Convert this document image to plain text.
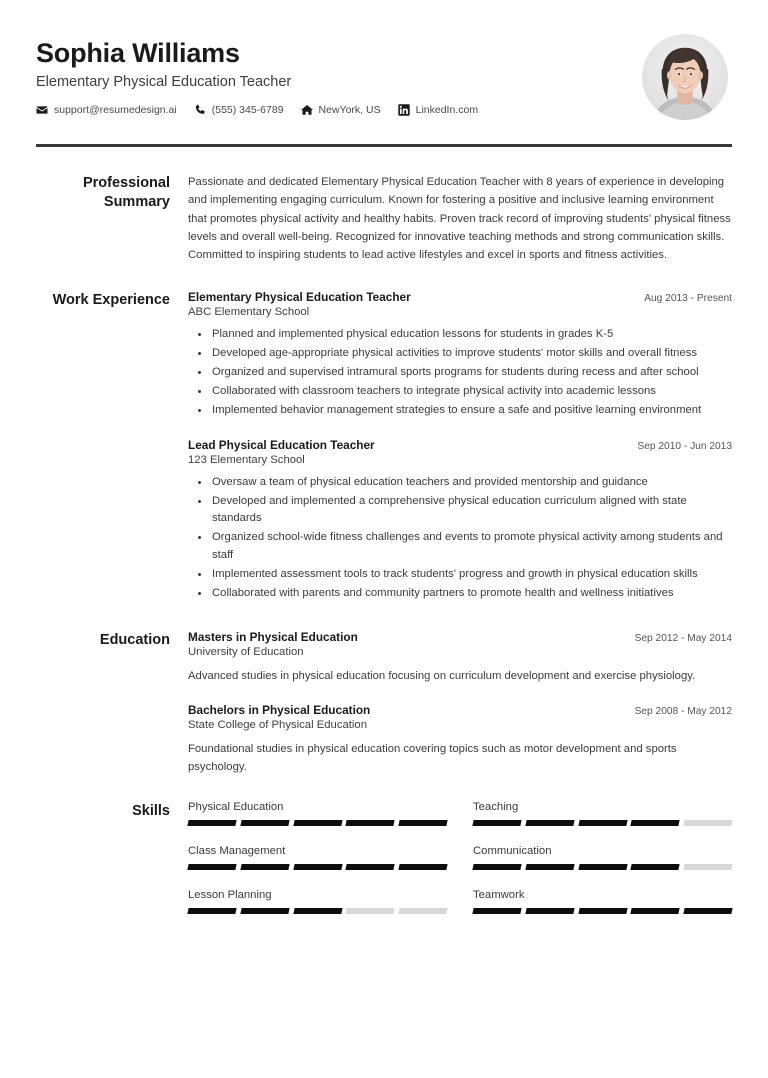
Sophia Williams
Elementary Physical Education Teacher
support@resumedesign.ai	(555) 345-6789	NewYork, US	LinkedIn.com
Professional Summary
Passionate and dedicated Elementary Physical Education Teacher with 8 years of experience in developing and implementing engaging curriculum. Known for fostering a positive and inclusive learning environment that promotes physical activity and healthy habits. Proven track record of improving students' physical fitness levels and overall well-being. Recognized for innovative teaching methods and strong communication skills. Committed to inspiring students to lead active lifestyles and excel in sports and fitness activities.
Work Experience	Elementary Physical Education Teacher	Aug 2013 - Present
ABC Elementary School
Planned and implemented physical education lessons for students in grades K-5
Developed age-appropriate physical activities to improve students' motor skills and overall fitness
Organized and supervised intramural sports programs for students during recess and after school
Collaborated with classroom teachers to integrate physical activity into academic lessons
Implemented behavior management strategies to ensure a safe and positive learning environment
Lead Physical Education Teacher	Sep 2010 - Jun 2013
123 Elementary School
Oversaw a team of physical education teachers and provided mentorship and guidance
Developed and implemented a comprehensive physical education curriculum aligned with state standards
Organized school-wide fitness challenges and events to promote physical activity among students and staff
Implemented assessment tools to track students' progress and growth in physical education skills
Collaborated with parents and community partners to promote health and wellness initiatives
Education	Masters in Physical Education	Sep 2012 - May 2014
University of Education
Advanced studies in physical education focusing on curriculum development and exercise physiology.
Bachelors in Physical Education	Sep 2008 - May 2012
State College of Physical Education
Foundational studies in physical education covering topics such as motor development and sports psychology.
Skills	Physical Education	Teaching
Class Management	Communication
Lesson Planning	Teamwork
